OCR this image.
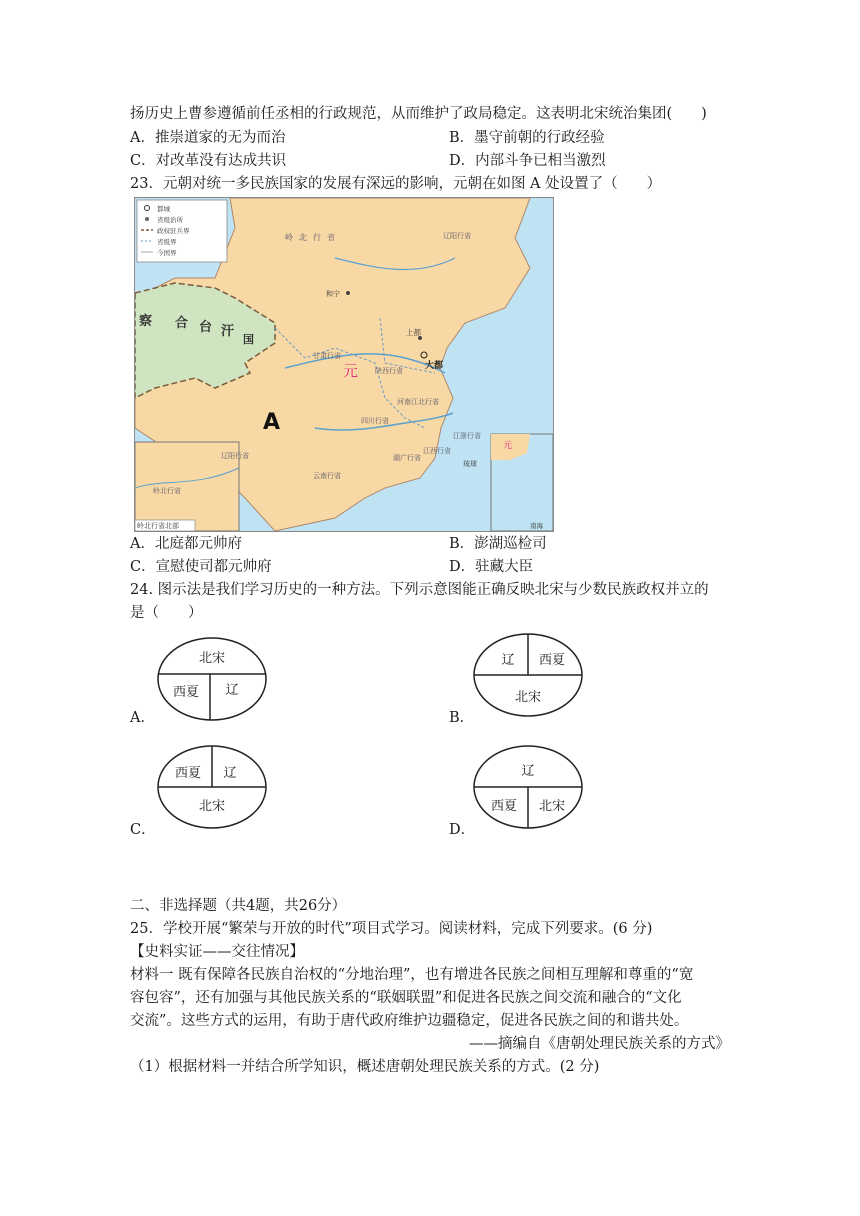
扬历史上曹参遵循前任丞相的行政规范，从而维护了政局稳定。这表明北宋统治集团(　　)
A．推崇道家的无为而治	B．墨守前朝的行政经验
C．对改革没有达成共识	D．内部斗争已相当激烈
23．元朝对统一多民族国家的发展有深远的影响，元朝在如图 A 处设置了（　　）
都城
省级治所
政权驻兵界
省级界
今国界
察 合 台 汗
国
元
A
岭北行省	辽阳行省
和宁
上都
大都
甘肃行省
陕西行省
四川行省
河南江北行省
江浙行省
江西行省
湖广行省
云南行省
琉球
辽阳行省
岭北行省
岭北行省北部
元
南海
A．北庭都元帅府	B．澎湖巡检司
C．宣慰使司都元帅府	D．驻藏大臣
24. 图示法是我们学习历史的一种方法。下列示意图能正确反映北宋与少数民族政权并立的
是（　　）
A．
北宋
西夏 辽
B．
辽 西夏
北宋
C．
西夏 辽
北宋
D．
辽
西夏 北宋
二、非选择题（共4题，共26分）
25．学校开展“繁荣与开放的时代”项目式学习。阅读材料，完成下列要求。(6 分)
【史料实证——交往情况】
材料一 既有保障各民族自治权的“分地治理”，也有增进各民族之间相互理解和尊重的“宽
容包容”，还有加强与其他民族关系的“联姻联盟”和促进各民族之间交流和融合的“文化
交流”。这些方式的运用，有助于唐代政府维护边疆稳定，促进各民族之间的和谐共处。
——摘编自《唐朝处理民族关系的方式》
（1）根据材料一并结合所学知识，概述唐朝处理民族关系的方式。(2 分)
